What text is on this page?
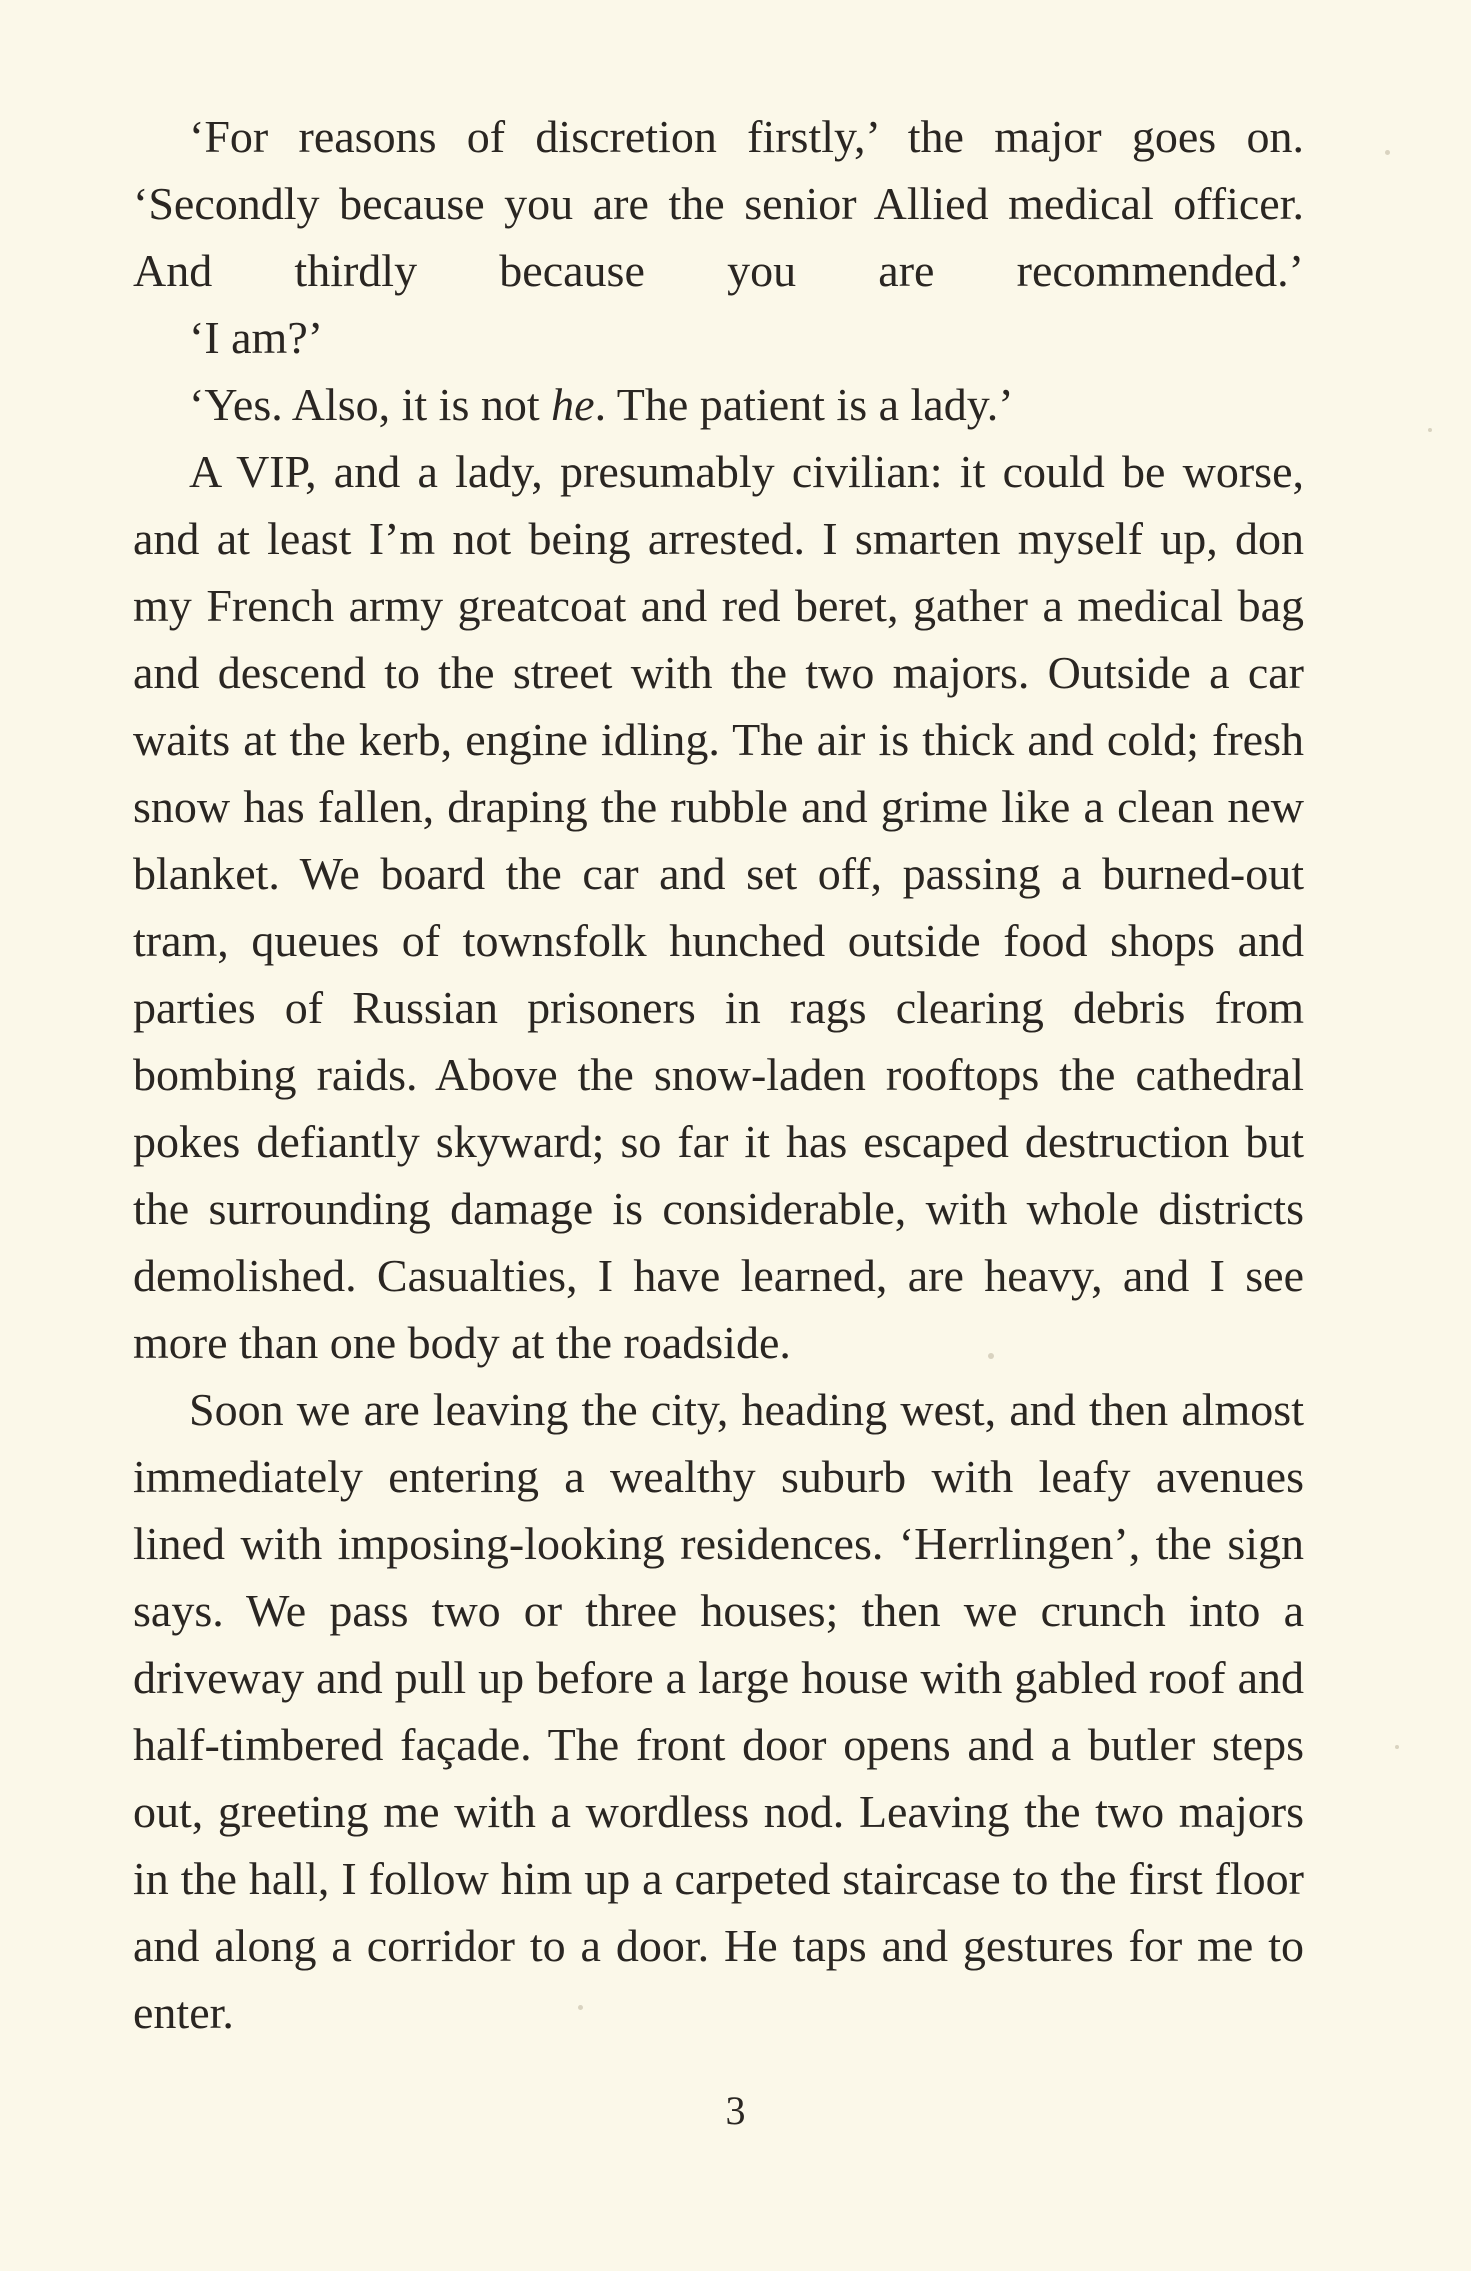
‘For reasons of discretion firstly,’ the major goes on. ‘Secondly because you are the senior Allied medical officer. And thirdly because you are recommended.’

‘I am?’

‘Yes. Also, it is not he. The patient is a lady.’

A VIP, and a lady, presumably civilian: it could be worse, and at least I’m not being arrested. I smarten myself up, don my French army greatcoat and red beret, gather a medical bag and descend to the street with the two majors. Outside a car waits at the kerb, engine idling. The air is thick and cold; fresh snow has fallen, draping the rubble and grime like a clean new blanket. We board the car and set off, passing a burned-out tram, queues of townsfolk hunched outside food shops and parties of Russian prisoners in rags clearing debris from bombing raids. Above the snow-laden rooftops the cathedral pokes defiantly skyward; so far it has escaped destruction but the surrounding damage is considerable, with whole districts demolished. Casualties, I have learned, are heavy, and I see more than one body at the roadside.

Soon we are leaving the city, heading west, and then almost immediately entering a wealthy suburb with leafy avenues lined with imposing-looking residences. ‘Herrlingen’, the sign says. We pass two or three houses; then we crunch into a driveway and pull up before a large house with gabled roof and half-timbered façade. The front door opens and a butler steps out, greeting me with a wordless nod. Leaving the two majors in the hall, I follow him up a carpeted staircase to the first floor and along a corridor to a door. He taps and gestures for me to enter.

3
